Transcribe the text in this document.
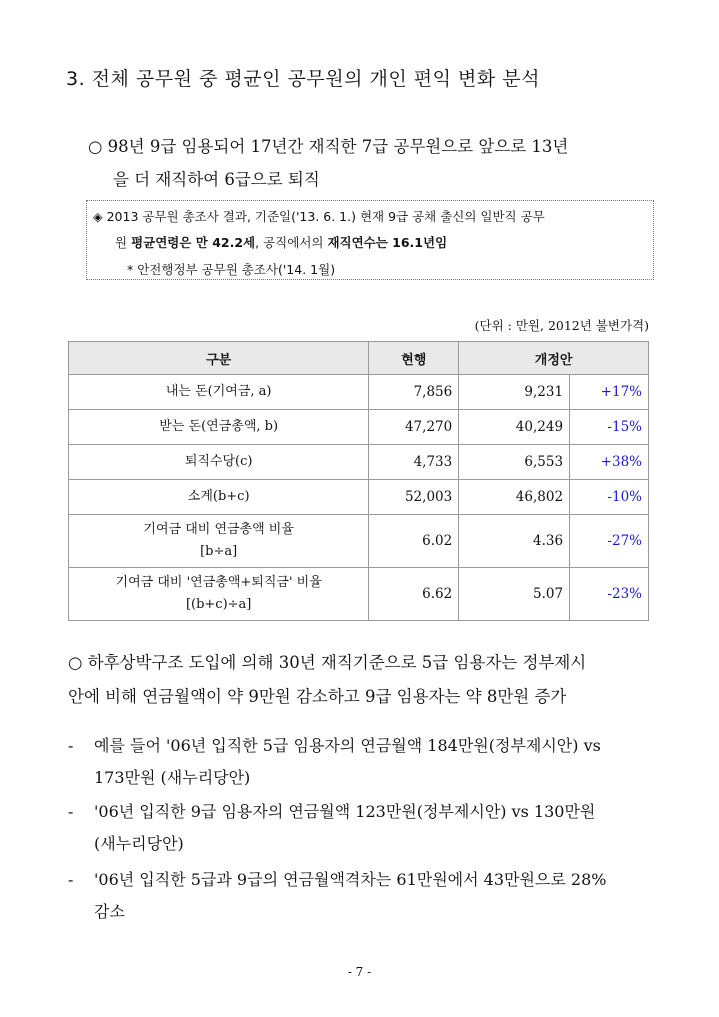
3. 전체 공무원 중 평균인 공무원의 개인 편익 변화 분석
○ 98년 9급 임용되어 17년간 재직한 7급 공무원으로 앞으로 13년
을 더 재직하여 6급으로 퇴직
◈ 2013 공무원 총조사 결과, 기준일('13. 6. 1.) 현재 9급 공채 출신의 일반직 공무
원 평균연령은 만 42.2세, 공직에서의 재직연수는 16.1년임
* 안전행정부 공무원 총조사('14. 1월)
(단위 : 만원, 2012년 불변가격)
구분	현행	개정안	

내는 돈(기여금, a)	7,856	9,231	+17%

받는 돈(연금총액, b)	47,270	40,249	-15%

퇴직수당(c)	4,733	6,553	+38%

소계(b+c)	52,003	46,802	-10%

기여금 대비 연금총액 비율
[b÷a]	6.02	4.36	-27%

기여금 대비 '연금총액+퇴직금' 비율
[(b+c)÷a]	6.62	5.07	-23%
○ 하후상박구조 도입에 의해 30년 재직기준으로 5급 임용자는 정부제시
안에 비해 연금월액이 약 9만원 감소하고 9급 임용자는 약 8만원 증가
-	예를 들어 '06년 입직한 5급 임용자의 연금월액 184만원(정부제시안) vs
173만원 (새누리당안)
-	'06년 입직한 9급 임용자의 연금월액 123만원(정부제시안) vs 130만원
(새누리당안)
-	'06년 입직한 5급과 9급의 연금월액격차는 61만원에서 43만원으로 28%
감소
- 7 -
